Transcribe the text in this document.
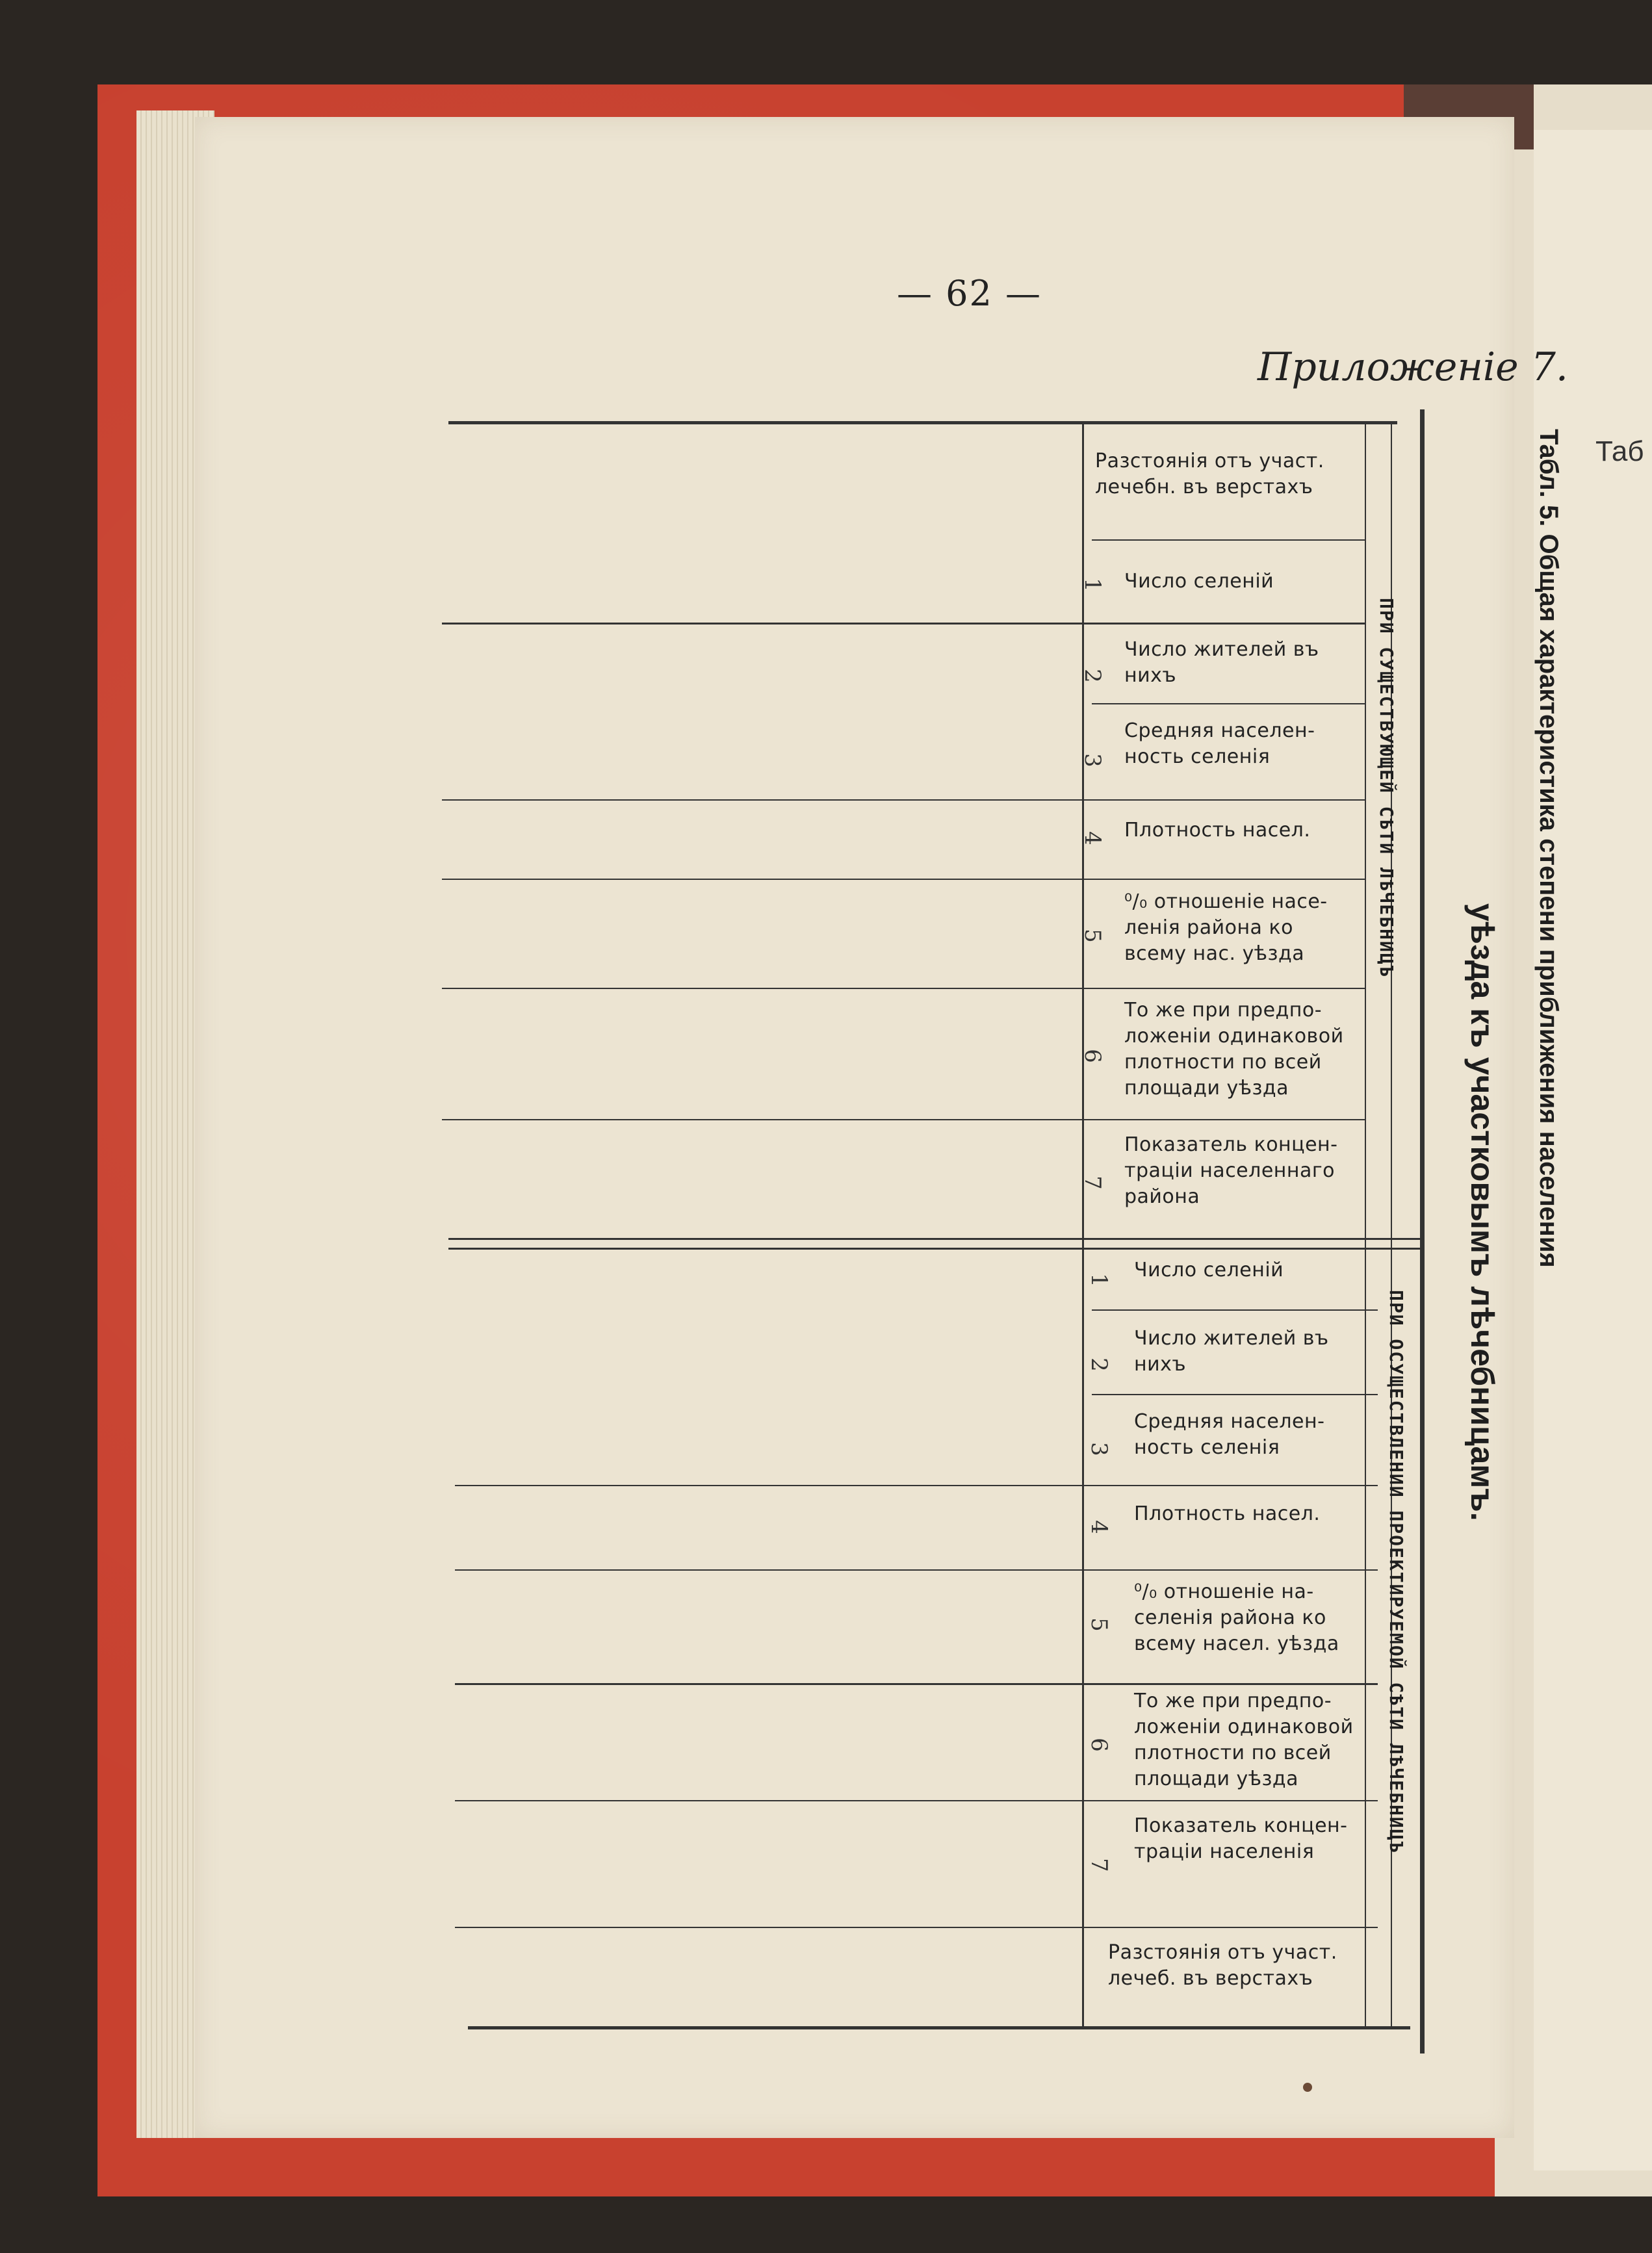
Таб
— 62 —
Приложенiе 7.
Разстоянiя отъ участ. лечебн. въ верстахъ
Число селенiй
1
Число жителей въ нихъ
2
Средняя населен-ность селенiя
3
Плотность насел.
4
⁰/₀ отношенiе насе-ленiя района ко всему нас. уѣзда
5
То же при предпо-ложенiи одинаковой плотности по всей площади уѣзда
6
Показатель концен-трацiи населеннаго района
7
Число селенiй
1
Число жителей въ нихъ
2
Средняя населен-ность селенiя
3
Плотность насел.
4
⁰/₀ отношенiе на-селенiя района ко всему насел. уѣзда
5
То же при предпо-ложенiи одинаковой плотности по всей площади уѣзда
6
Показатель концен-трацiи населенiя
7
Разстоянiя отъ участ. лечеб. въ верстахъ
ПРИ СУЩЕСТВУЮЩЕЙ СѢТИ ЛѢЧЕБНИЦЪ
ПРИ ОСУЩЕСТВЛЕНИИ ПРОЕКТИРУЕМОЙ СѢТИ ЛѢЧЕБНИЦЪ
Табл. 5. Общая характеристика степени приближения населения
уѣзда къ участковымъ лѣчебницамъ.
